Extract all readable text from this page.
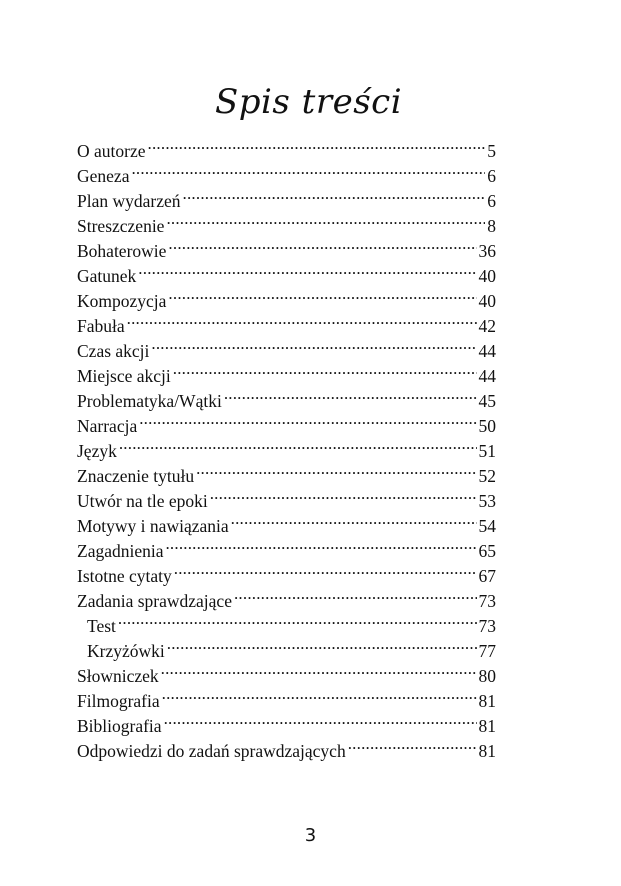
Spis treści
O autorze .....	5
Geneza .....	6
Plan wydarzeń .....	6
Streszczenie .....	8
Bohaterowie .....	36
Gatunek .....	40
Kompozycja .....	40
Fabuła .....	42
Czas akcji .....	44
Miejsce akcji .....	44
Problematyka/Wątki .....	45
Narracja .....	50
Język .....	51
Znaczenie tytułu .....	52
Utwór na tle epoki .....	53
Motywy i nawiązania .....	54
Zagadnienia .....	65
Istotne cytaty .....	67
Zadania sprawdzające .....	73
Test .....	73
Krzyżówki .....	77
Słowniczek .....	80
Filmografia .....	81
Bibliografia .....	81
Odpowiedzi do zadań sprawdzających .....	81
3
